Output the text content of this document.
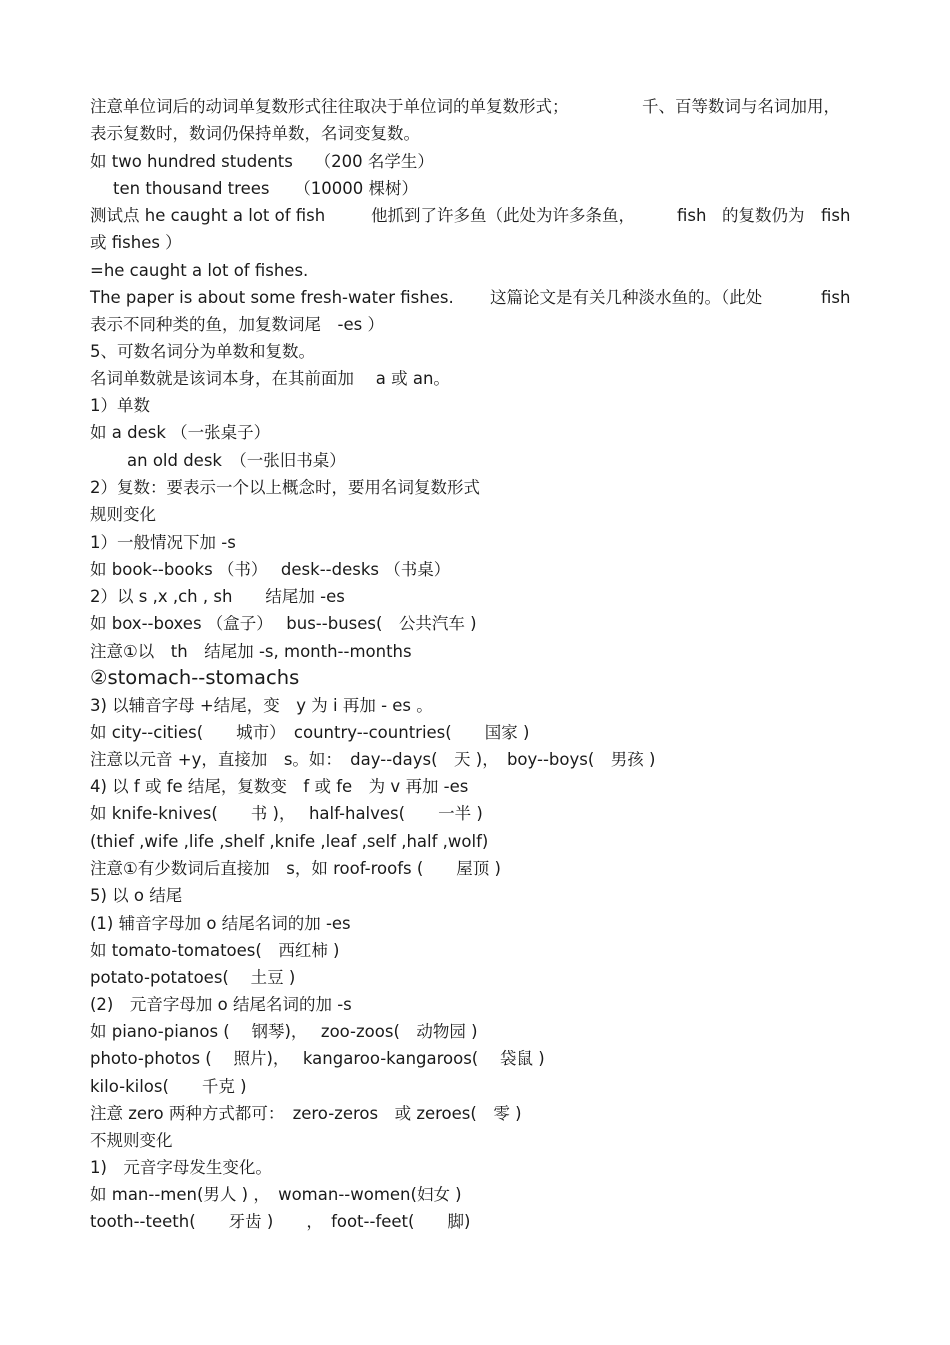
注意单位词后的动词单复数形式往往取决于单位词的单复数形式；

	千、百等数词与名词加用，

表示复数时，数词仍保持单数，名词变复数。
如 two hundred students　 （200 名学生）
ten thousand trees　　（10000 棵树）

测试点 he caught a lot of fish

	他抓到了许多鱼（此处为许多条鱼，

	fish

的复数仍为

fish

或 fishes ）
=he caught a lot of fishes.

The paper is about some fresh-water fishes.

这篇论文是有关几种淡水鱼的。（此处

	fish

表示不同种类的鱼，加复数词尾　-es ）
5、可数名词分为单数和复数。
名词单数就是该词本身，在其前面加　 a 或 an。
1）单数
如 a desk （一张桌子）
an old desk　（一张旧书桌）
2）复数：要表示一个以上概念时，要用名词复数形式
规则变化
1）一般情况下加 -s
如 book--books （书）　 desk--desks （书桌）
2）以 s ,x ,ch , sh　　结尾加 -es
如 box--boxes （盒子）　 bus--buses(　公共汽车 )
注意①以　th　结尾加 -s, month--months
②stomach--stomachs
3) 以辅音字母 +结尾，变　y 为 i 再加 - es 。
如 city--cities(　　城市）　country--countries(　　国家 )
注意以元音 +y，直接加　s。如：　day--days(　天 )，　boy--boys(　男孩 )
4) 以 f 或 fe 结尾，复数变　f 或 fe　为 v 再加 -es
如 knife-knives(　　书 )，　 half-halves(　　一半 )
(thief ,wife ,life ,shelf ,knife ,leaf ,self ,half ,wolf)
注意①有少数词后直接加　s，如 roof-roofs (　　屋顶 )
5) 以 o 结尾
(1) 辅音字母加 o 结尾名词的加 -es
如 tomato-tomatoes(　西红柿 )
potato-potatoes(　 土豆 )
(2)　元音字母加 o 结尾名词的加 -s
如 piano-pianos (　 钢琴)，　 zoo-zoos(　动物园 )
photo-photos (　 照片)，　 kangaroo-kangaroos(　 袋鼠 )
kilo-kilos(　　千克 )
注意 zero 两种方式都可：　zero-zeros　或 zeroes(　零 )
不规则变化
1)　元音字母发生变化。
如 man--men(男人 ) ，　woman--women(妇女 )
tooth--teeth(　　牙齿 )　　，　foot--feet(　　脚)
